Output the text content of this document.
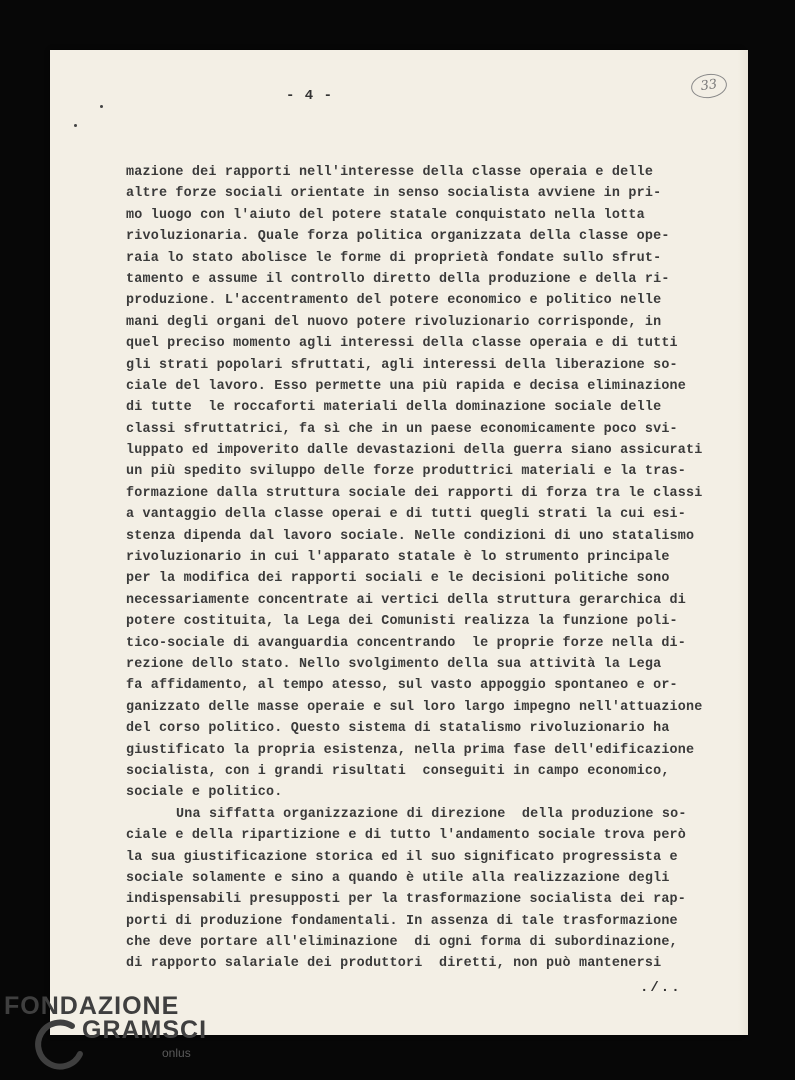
- 4 -
33
mazione dei rapporti nell'interesse della classe operaia e delle
altre forze sociali orientate in senso socialista avviene in pri-
mo luogo con l'aiuto del potere statale conquistato nella lotta
rivoluzionaria. Quale forza politica organizzata della classe ope-
raia lo stato abolisce le forme di proprietà fondate sullo sfrut-
tamento e assume il controllo diretto della produzione e della ri-
produzione. L'accentramento del potere economico e politico nelle
mani degli organi del nuovo potere rivoluzionario corrisponde, in
quel preciso momento agli interessi della classe operaia e di tutti
gli strati popolari sfruttati, agli interessi della liberazione so-
ciale del lavoro. Esso permette una più rapida e decisa eliminazione
di tutte  le roccaforti materiali della dominazione sociale delle
classi sfruttatrici, fa sì che in un paese economicamente poco svi-
luppato ed impoverito dalle devastazioni della guerra siano assicurati
un più spedito sviluppo delle forze produttrici materiali e la tras-
formazione dalla struttura sociale dei rapporti di forza tra le classi
a vantaggio della classe operai e di tutti quegli strati la cui esi-
stenza dipenda dal lavoro sociale. Nelle condizioni di uno statalismo
rivoluzionario in cui l'apparato statale è lo strumento principale
per la modifica dei rapporti sociali e le decisioni politiche sono
necessariamente concentrate ai vertici della struttura gerarchica di
potere costituita, la Lega dei Comunisti realizza la funzione poli-
tico-sociale di avanguardia concentrando  le proprie forze nella di-
rezione dello stato. Nello svolgimento della sua attività la Lega
fa affidamento, al tempo atesso, sul vasto appoggio spontaneo e or-
ganizzato delle masse operaie e sul loro largo impegno nell'attuazione
del corso politico. Questo sistema di statalismo rivoluzionario ha
giustificato la propria esistenza, nella prima fase dell'edificazione
socialista, con i grandi risultati  conseguiti in campo economico,
sociale e politico.
Una siffatta organizzazione di direzione  della produzione so-
ciale e della ripartizione e di tutto l'andamento sociale trova però
la sua giustificazione storica ed il suo significato progressista e
sociale solamente e sino a quando è utile alla realizzazione degli
indispensabili presupposti per la trasformazione socialista dei rap-
porti di produzione fondamentali. In assenza di tale trasformazione
che deve portare all'eliminazione  di ogni forma di subordinazione,
di rapporto salariale dei produttori  diretti, non può mantenersi
./..
FONDAZIONE
GRAMSCI
onlus
